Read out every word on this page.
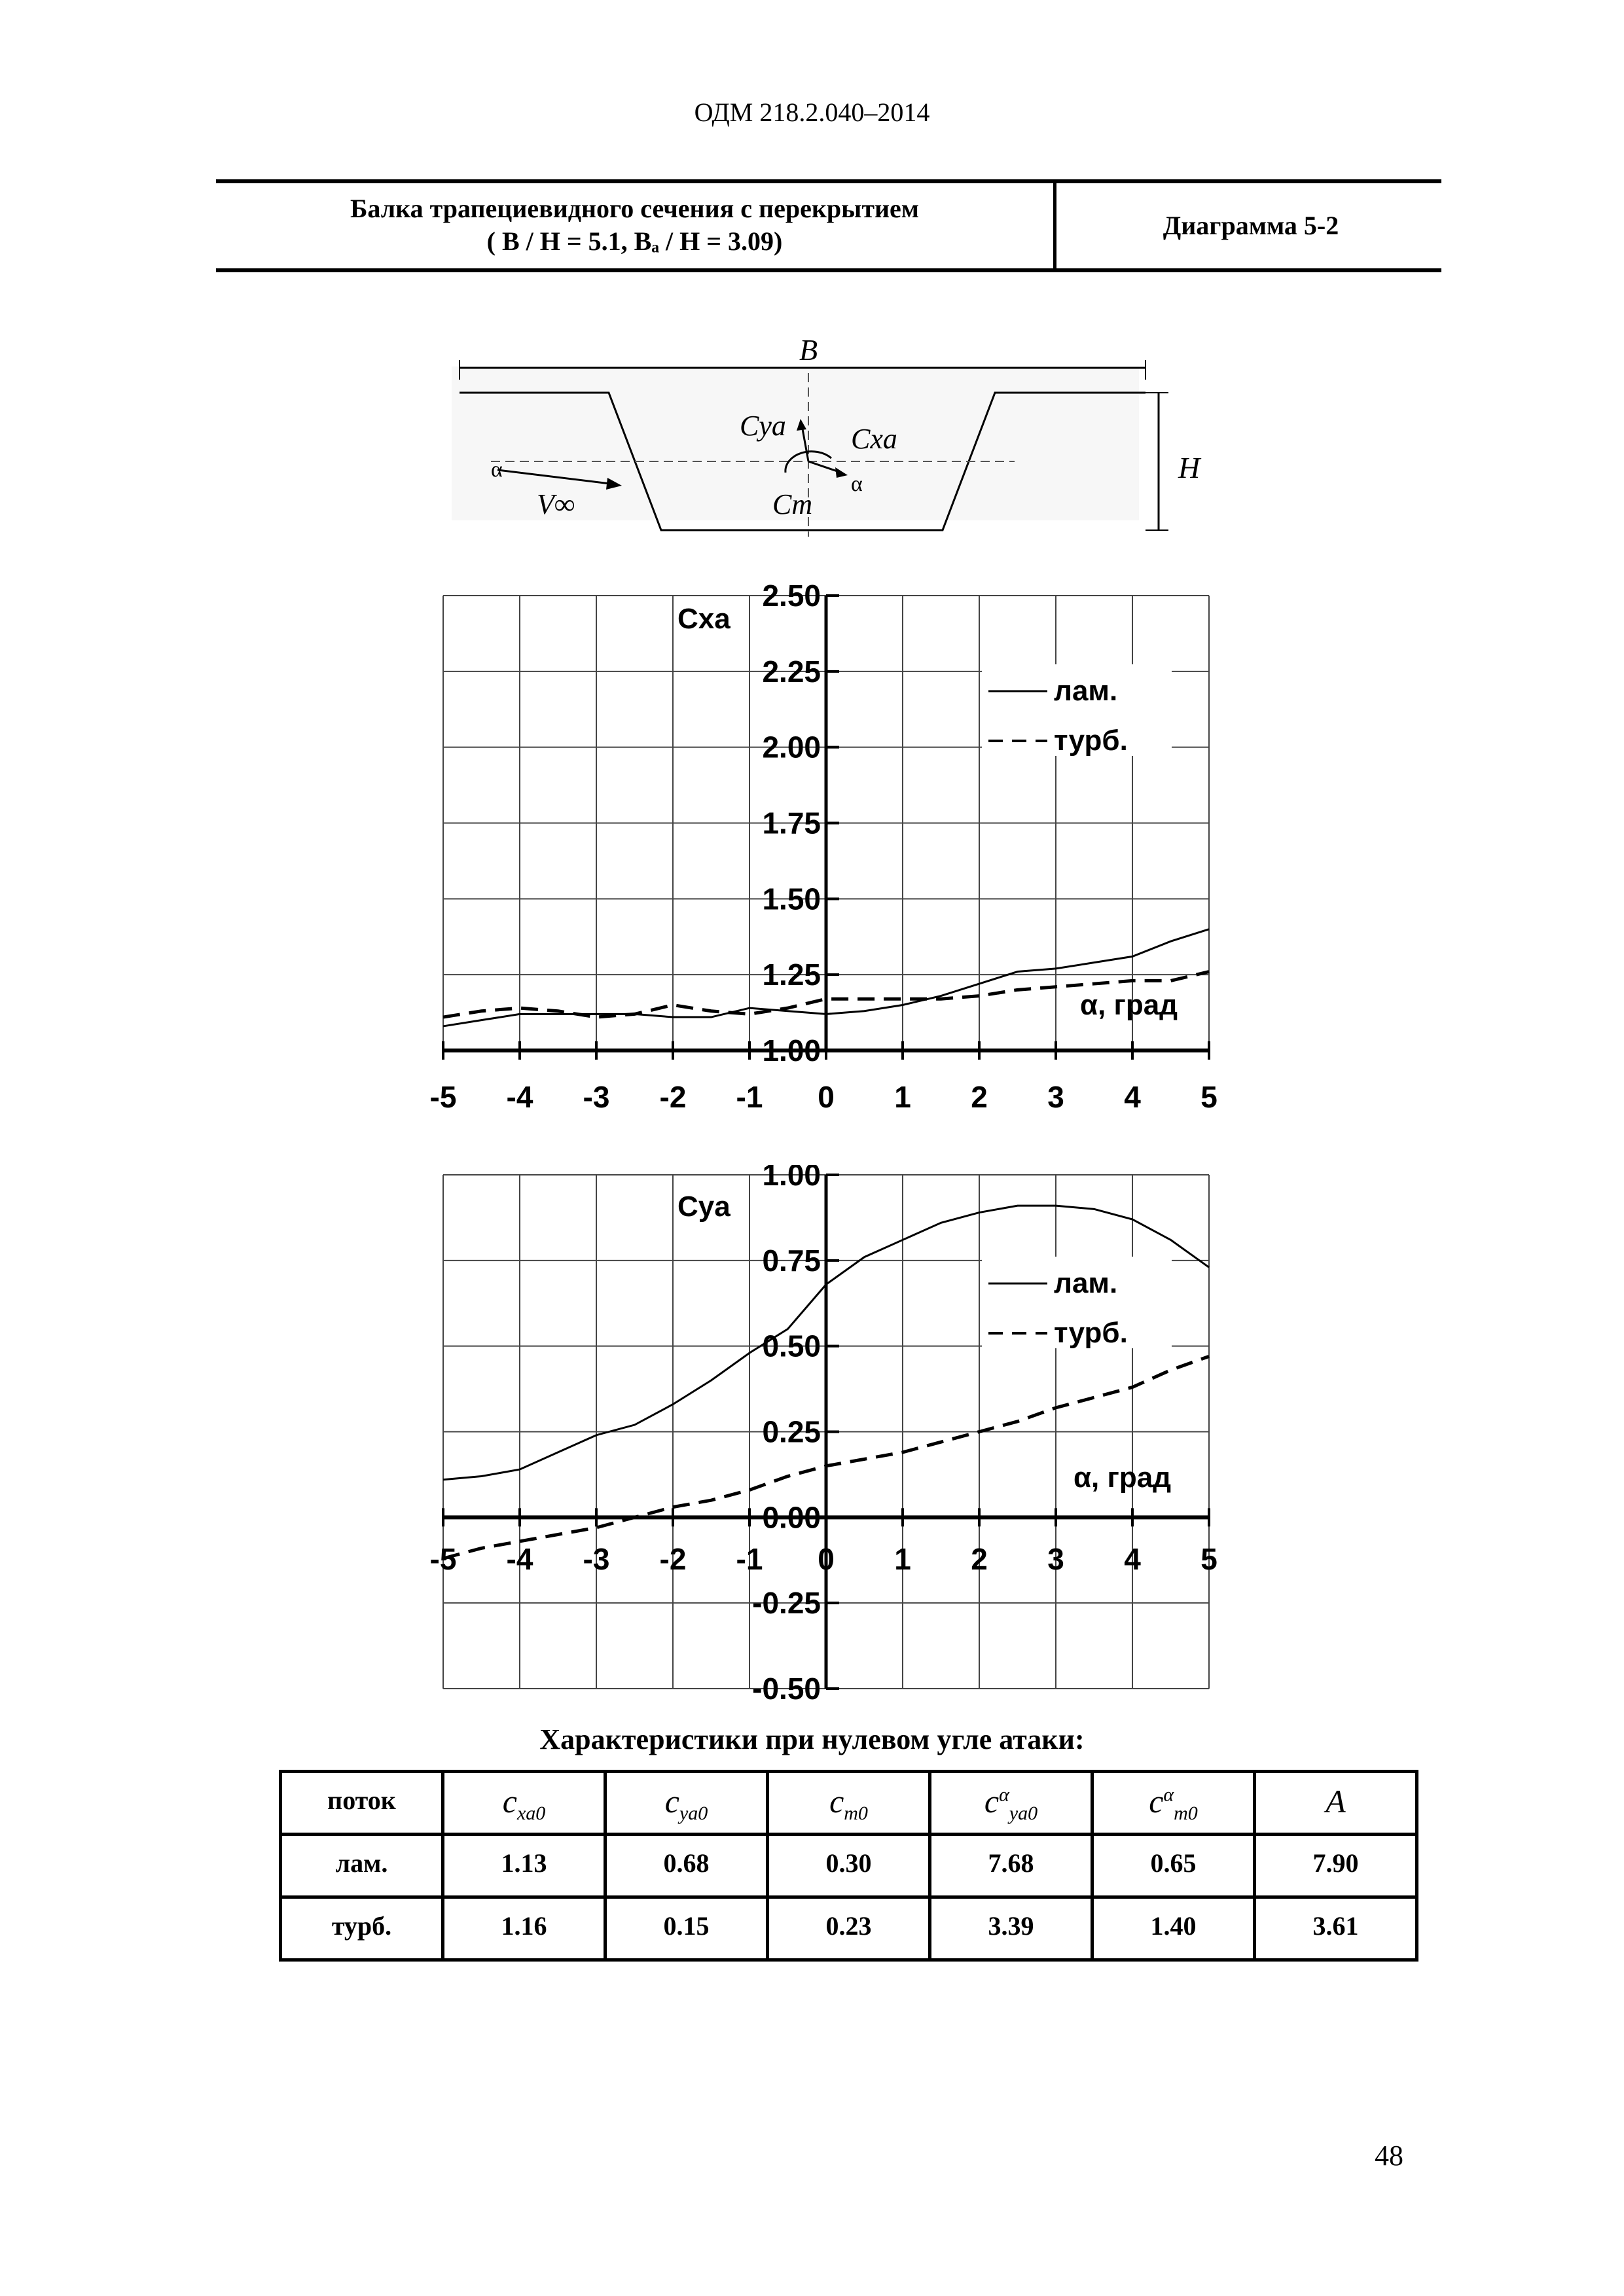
ОДМ 218.2.040–2014
Балка трапециевидного сечения с перекрытием
( B / H = 5.1, Bₐ / H = 3.09)
Диаграмма 5-2
B
H
α
V∞
Cya Cxa
Cm
α
-5 -4 -3 -2 -1 0 1 2 3 4 5
1.00
1.25
1.50
1.75
2.00
2.25
2.50
Cxa
α, град
лам.
турб.
-5 -4 -3 -2 -1 0 1 2 3 4 5
-0.50
-0.25
0.00
0.25
0.50
0.75
1.00
Cya
α, град
лам.
турб.
Характеристики при нулевом угле атаки:
поток	$c_{xa0}$	$c_{ya0}$	$c_{m0}$	$c^\alpha_{ya0}$	$c^\alpha_{m0}$	A
лам.	1.13	0.68	0.30	7.68	0.65	7.90
турб.	1.16	0.15	0.23	3.39	1.40	3.61
48
